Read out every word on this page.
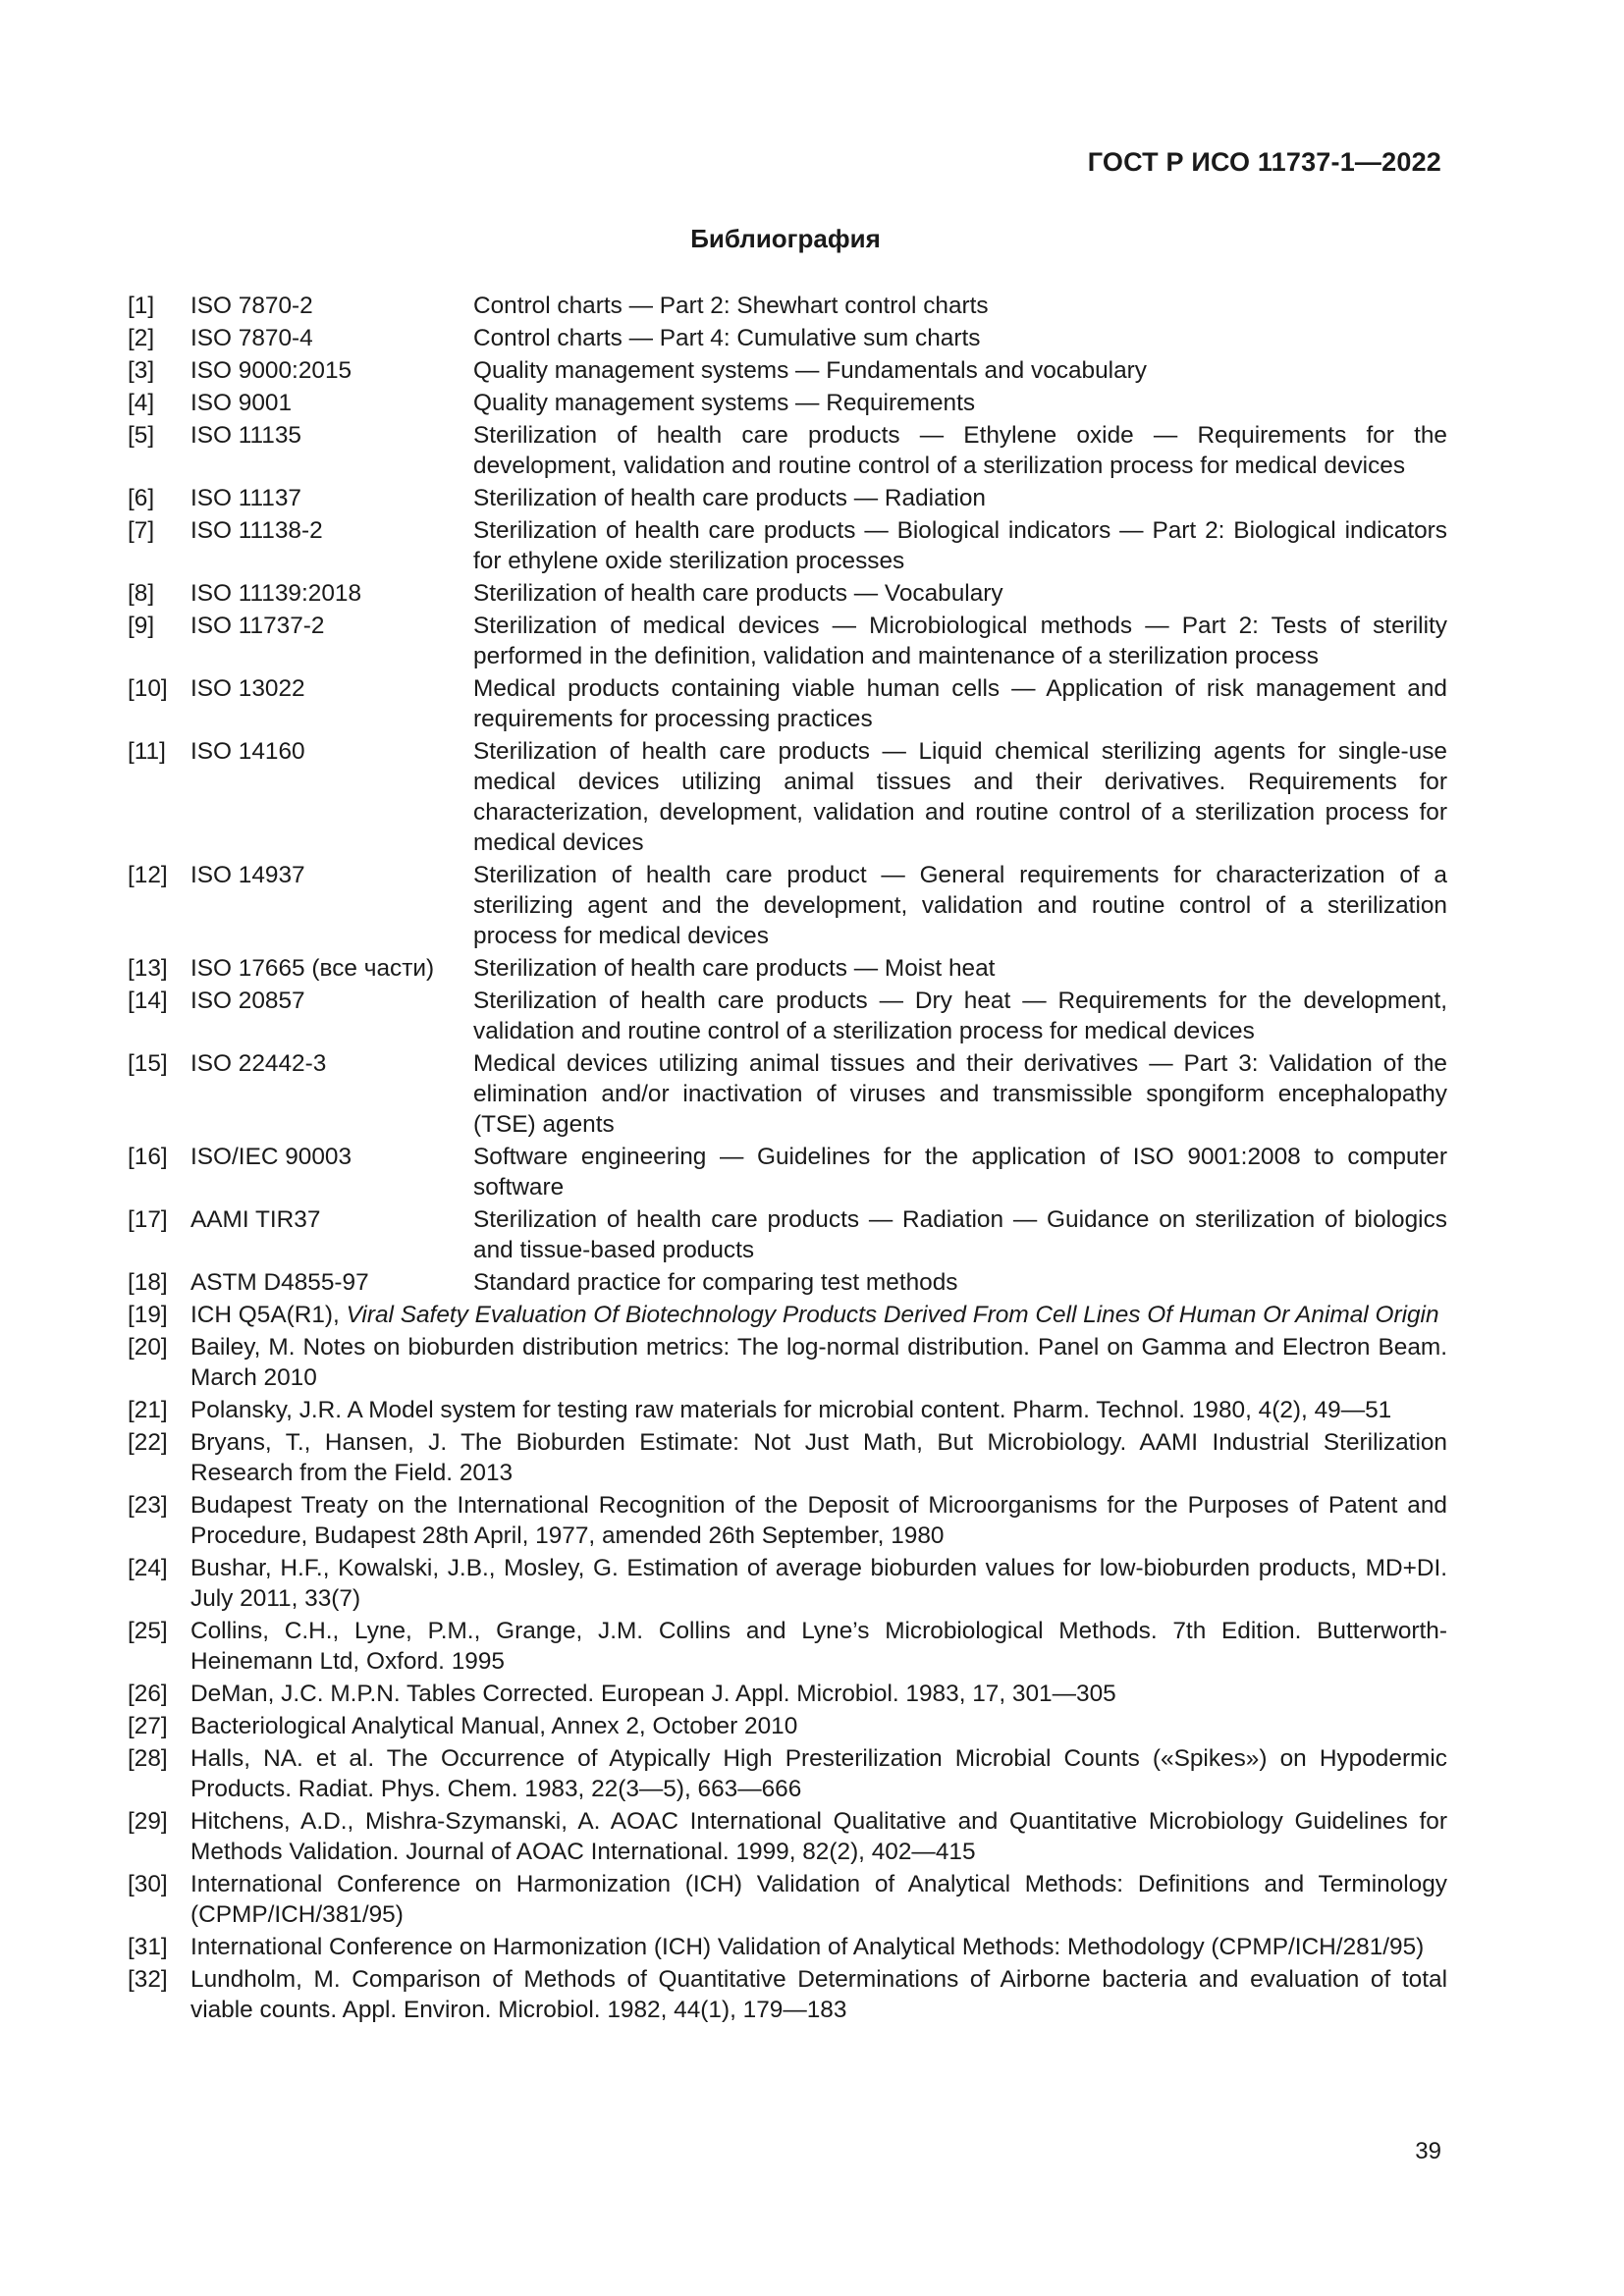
ГОСТ Р ИСО 11737-1—2022
Библиография
[1]	ISO 7870-2	Control charts — Part 2: Shewhart control charts
[2]	ISO 7870-4	Control charts — Part 4: Cumulative sum charts
[3]	ISO 9000:2015	Quality management systems — Fundamentals and vocabulary
[4]	ISO 9001	Quality management systems — Requirements
[5]	ISO 11135	Sterilization of health care products — Ethylene oxide — Requirements for the development, validation and routine control of a sterilization process for medical devices
[6]	ISO 11137	Sterilization of health care products — Radiation
[7]	ISO 11138-2	Sterilization of health care products — Biological indicators — Part 2: Biological indicators for ethylene oxide sterilization processes
[8]	ISO 11139:2018	Sterilization of health care products — Vocabulary
[9]	ISO 11737-2	Sterilization of medical devices — Microbiological methods — Part 2: Tests of sterility performed in the definition, validation and maintenance of a sterilization process
[10] ISO 13022	Medical products containing viable human cells — Application of risk management and requirements for processing practices
[11]	ISO 14160	Sterilization of health care products — Liquid chemical sterilizing agents for single-use medical devices utilizing animal tissues and their derivatives. Requirements for characterization, development, validation and routine control of a sterilization process for medical devices
[12] ISO 14937	Sterilization of health care product — General requirements for characterization of a sterilizing agent and the development, validation and routine control of a sterilization process for medical devices
[13] ISO 17665 (все части)	Sterilization of health care products — Moist heat
[14] ISO 20857	Sterilization of health care products — Dry heat — Requirements for the development, validation and routine control of a sterilization process for medical devices
[15] ISO 22442-3	Medical devices utilizing animal tissues and their derivatives — Part 3: Validation of the elimination and/or inactivation of viruses and transmissible spongiform encephalopathy (TSE) agents
[16] ISO/IEC 90003	Software engineering — Guidelines for the application of ISO 9001:2008 to computer software
[17] AAMI TIR37	Sterilization of health care products — Radiation — Guidance on sterilization of biologics and tissue-based products
[18] ASTM D4855-97	Standard practice for comparing test methods
[19] ICH Q5A(R1), Viral Safety Evaluation Of Biotechnology Products Derived From Cell Lines Of Human Or Animal Origin
[20] Bailey, M. Notes on bioburden distribution metrics: The log-normal distribution. Panel on Gamma and Electron Beam. March 2010
[21] Polansky, J.R. A Model system for testing raw materials for microbial content. Pharm. Technol. 1980, 4(2), 49—51
[22] Bryans, T., Hansen, J. The Bioburden Estimate: Not Just Math, But Microbiology. AAMI Industrial Sterilization Research from the Field. 2013
[23] Budapest Treaty on the International Recognition of the Deposit of Microorganisms for the Purposes of Patent and Procedure, Budapest 28th April, 1977, amended 26th September, 1980
[24] Bushar, H.F., Kowalski, J.B., Mosley, G. Estimation of average bioburden values for low-bioburden products, MD+DI. July 2011, 33(7)
[25] Collins, C.H., Lyne, P.M., Grange, J.M. Collins and Lyne’s Microbiological Methods. 7th Edition. Butterworth-Heinemann Ltd, Oxford. 1995
[26] DeMan, J.C. M.P.N. Tables Corrected. European J. Appl. Microbiol. 1983, 17, 301—305
[27] Bacteriological Analytical Manual, Annex 2, October 2010
[28] Halls, NA. et al. The Occurrence of Atypically High Presterilization Microbial Counts («Spikes») on Hypodermic Products. Radiat. Phys. Chem. 1983, 22(3—5), 663—666
[29] Hitchens, A.D., Mishra-Szymanski, A. AOAC International Qualitative and Quantitative Microbiology Guidelines for Methods Validation. Journal of AOAC International. 1999, 82(2), 402—415
[30] International Conference on Harmonization (ICH) Validation of Analytical Methods: Definitions and Terminology (CPMP/ICH/381/95)
[31] International Conference on Harmonization (ICH) Validation of Analytical Methods: Methodology (CPMP/ICH/281/95)
[32] Lundholm, M. Comparison of Methods of Quantitative Determinations of Airborne bacteria and evaluation of total viable counts. Appl. Environ. Microbiol. 1982, 44(1), 179—183
39
